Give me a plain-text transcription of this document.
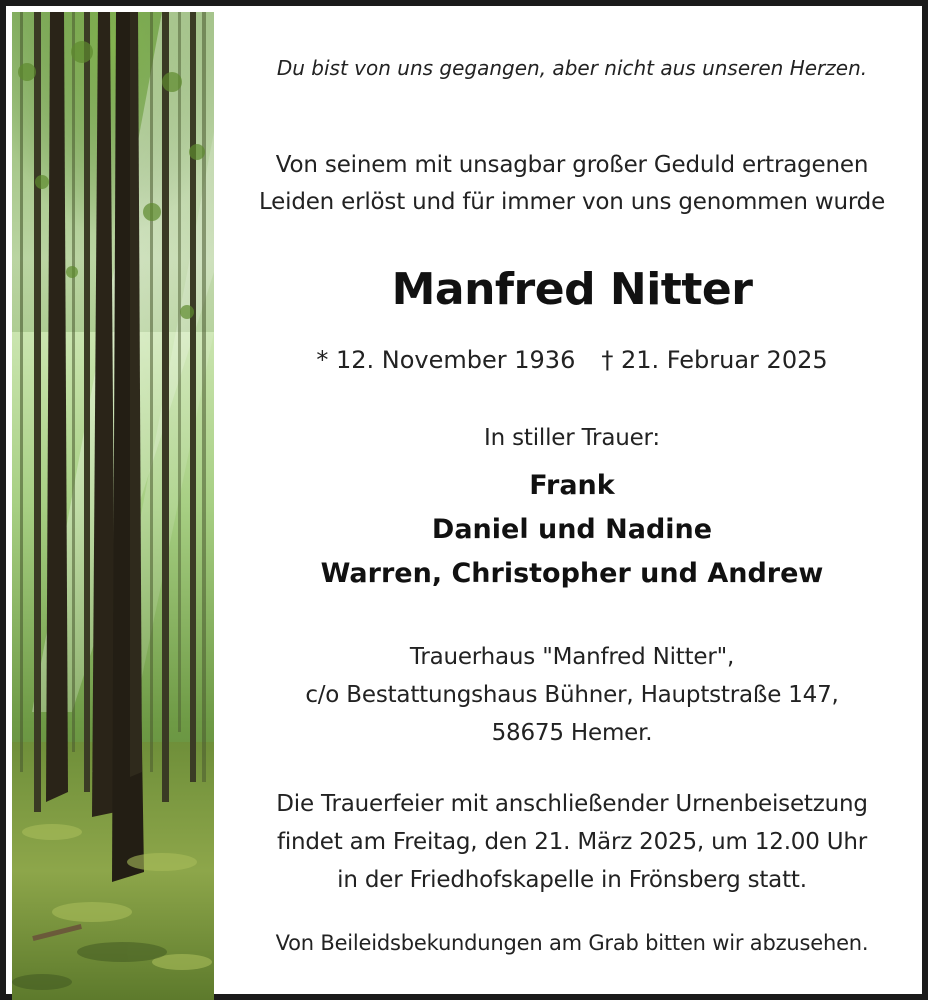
Du bist von uns gegangen, aber nicht aus unseren Herzen.
Von seinem mit unsagbar großer Geduld ertragenen
Leiden erlöst und für immer von uns genommen wurde
Manfred Nitter
* 12. November 1936 † 21. Februar 2025
In stiller Trauer:
Frank
Daniel und Nadine
Warren, Christopher und Andrew
Trauerhaus "Manfred Nitter",
c/o Bestattungshaus Bühner, Hauptstraße 147,
58675 Hemer.
Die Trauerfeier mit anschließender Urnenbeisetzung
findet am Freitag, den 21. März 2025, um 12.00 Uhr
in der Friedhofskapelle in Frönsberg statt.
Von Beileidsbekundungen am Grab bitten wir abzusehen.
